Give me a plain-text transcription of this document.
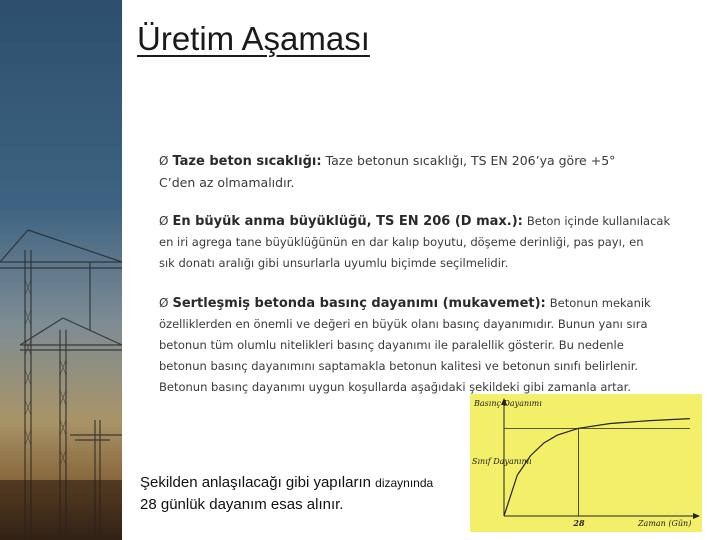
Üretim Aşaması
Ø Taze beton sıcaklığı: Taze betonun sıcaklığı, TS EN 206’ya göre +5°
C’den az olmamalıdır.
Ø En büyük anma büyüklüğü, TS EN 206 (D max.): Beton içinde kullanılacak
en iri agrega tane büyüklüğünün en dar kalıp boyutu, döşeme derinliği, pas payı, en
sık donatı aralığı gibi unsurlarla uyumlu biçimde seçilmelidir.
Ø Sertleşmiş betonda basınç dayanımı (mukavemet): Betonun mekanik
özelliklerden en önemli ve değeri en büyük olanı basınç dayanımıdır. Bunun yanı sıra
betonun tüm olumlu nitelikleri basınç dayanımı ile paralellik gösterir. Bu nedenle
betonun basınç dayanımını saptamakla betonun kalitesi ve betonun sınıfı belirlenir.
Betonun basınç dayanımı uygun koşullarda aşağıdaki şekildeki gibi zamanla artar.
Şekilden anlaşılacağı gibi yapıların dizaynında
28 günlük dayanım esas alınır.
Basınç Dayanımı
Sınıf Dayanımı
Zaman (Gün)
28
